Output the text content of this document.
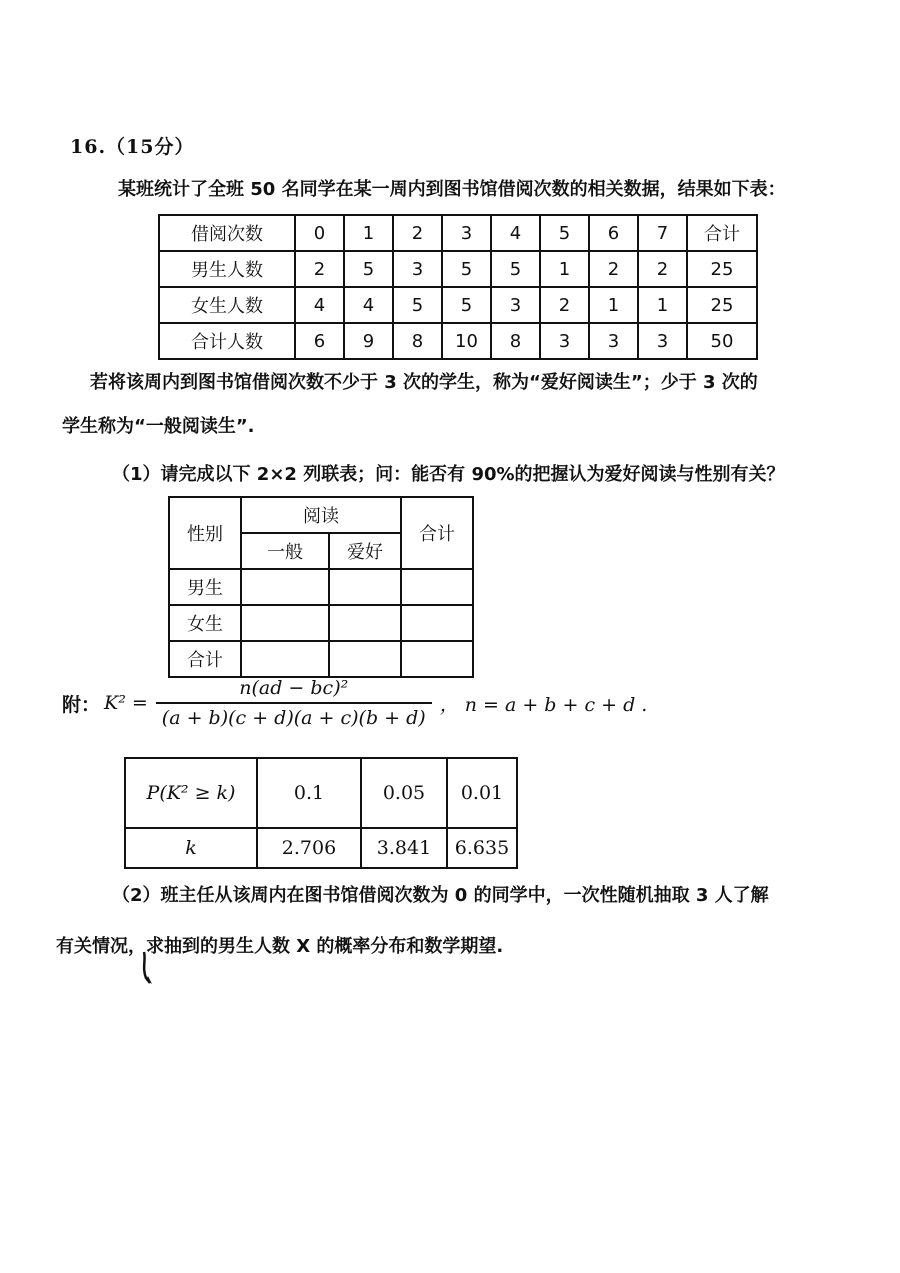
16.（15分）
某班统计了全班 50 名同学在某一周内到图书馆借阅次数的相关数据，结果如下表：
借阅次数	0	1	2	3	4	5	6	7	合计
男生人数	2	5	3	5	5	1	2	2	25
女生人数	4	4	5	5	3	2	1	1	25
合计人数	6	9	8	10	8	3	3	3	50
若将该周内到图书馆借阅次数不少于 3 次的学生，称为“爱好阅读生”；少于 3 次的
学生称为“一般阅读生”.
（1）请完成以下 2×2 列联表；问：能否有 90%的把握认为爱好阅读与性别有关？
性别	阅读		合计
	一般	爱好	
男生			
女生			
合计			
附： $K^2 = \frac{\text{n(ad − bc)²}}{(a + b)(c + d)(a + c)(b + d)}$ ， n = a + b + c + d .
P(K² ≥ k)	0.1	0.05	0.01
k	2.706	3.841	6.635
（2）班主任从该周内在图书馆借阅次数为 0 的同学中，一次性随机抽取 3 人了解
有关情况，求抽到的男生人数 X 的概率分布和数学期望.
